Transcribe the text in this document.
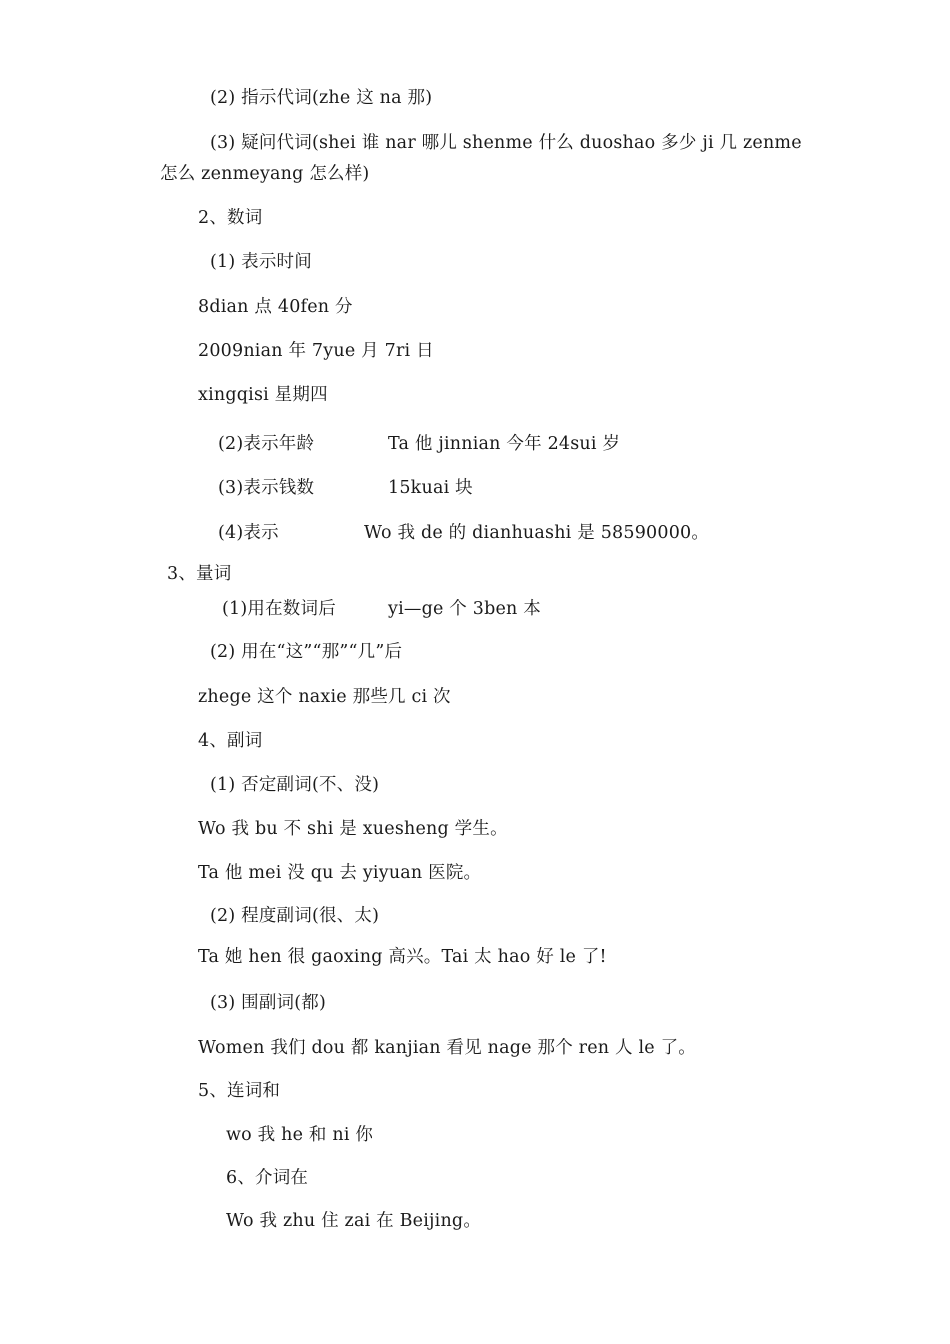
(2) 指示代词(zhe 这 na 那)
(3) 疑问代词(shei 谁 nar 哪儿 shenme 什么 duoshao 多少 ji 几 zenme
怎么 zenmeyang 怎么样)
2、数词
(1) 表示时间
8dian 点 40fen 分
2009nian 年 7yue 月 7ri 日
xingqisi 星期四
(2)表示年龄	Ta 他 jinnian 今年 24sui 岁
(3)表示钱数	15kuai 块
(4)表示	Wo 我 de 的 dianhuashi 是 58590000。
3、量词
(1)用在数词后	yi—ge 个 3ben 本
(2) 用在“这”“那”“几”后
zhege 这个 naxie 那些几 ci 次
4、副词
(1) 否定副词(不、没)
Wo 我 bu 不 shi 是 xuesheng 学生。
Ta 他 mei 没 qu 去 yiyuan 医院。
(2) 程度副词(很、太)
Ta 她 hen 很 gaoxing 高兴。Tai 太 hao 好 le 了!
(3) 围副词(都)
Women 我们 dou 都 kanjian 看见 nage 那个 ren 人 le 了。
5、连词和
wo 我 he 和 ni 你
6、介词在
Wo 我 zhu 住 zai 在 Beijing。
